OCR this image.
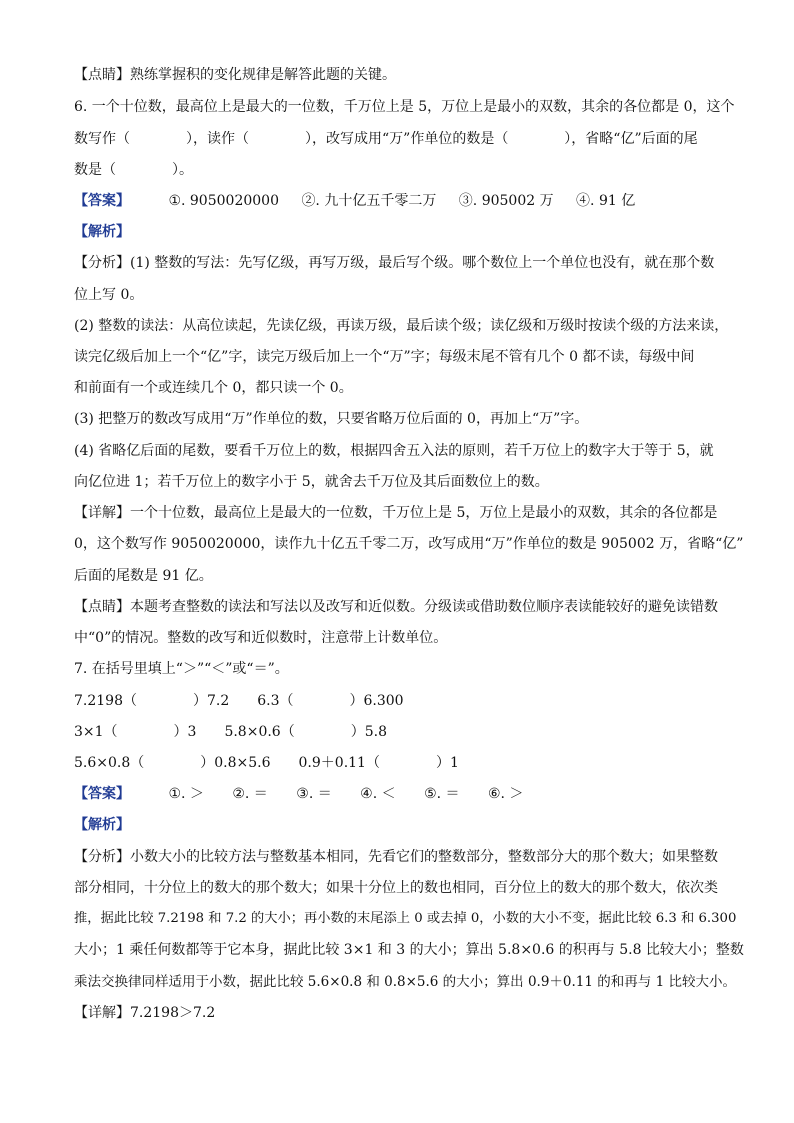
【点睛】熟练掌握积的变化规律是解答此题的关键。
6. 一个十位数，最高位上是最大的一位数，千万位上是 5，万位上是最小的双数，其余的各位都是 0，这个
数写作（　　　　），读作（　　　　），改写成用“万”作单位的数是（　　　　），省略“亿”后面的尾
数是（　　　　）。
【答案】	①. 9050020000 ②. 九十亿五千零二万 ③. 905002 万 ④. 91 亿
【解析】
【分析】(1) 整数的写法：先写亿级，再写万级，最后写个级。哪个数位上一个单位也没有，就在那个数
位上写 0。
(2) 整数的读法：从高位读起，先读亿级，再读万级，最后读个级；读亿级和万级时按读个级的方法来读，
读完亿级后加上一个“亿”字，读完万级后加上一个“万”字；每级末尾不管有几个 0 都不读，每级中间
和前面有一个或连续几个 0，都只读一个 0。
(3) 把整万的数改写成用“万”作单位的数，只要省略万位后面的 0，再加上“万”字。
(4) 省略亿后面的尾数，要看千万位上的数，根据四舍五入法的原则，若千万位上的数字大于等于 5，就
向亿位进 1；若千万位上的数字小于 5，就舍去千万位及其后面数位上的数。
【详解】一个十位数，最高位上是最大的一位数，千万位上是 5，万位上是最小的双数，其余的各位都是
0，这个数写作 9050020000，读作九十亿五千零二万，改写成用“万”作单位的数是 905002 万，省略“亿”
后面的尾数是 91 亿。
【点睛】本题考查整数的读法和写法以及改写和近似数。分级读或借助数位顺序表读能较好的避免读错数
中“0”的情况。整数的改写和近似数时，注意带上计数单位。
7. 在括号里填上“＞”“＜”或“＝”。
7.2198（　　　　）7.2　　6.3（　　　　）6.300
3×1（　　　　）3　　5.8×0.6（　　　　）5.8
5.6×0.8（　　　　）0.8×5.6　　0.9＋0.11（　　　　）1
【答案】	①. ＞ ②. ＝ ③. ＝ ④. ＜ ⑤. ＝ ⑥. ＞
【解析】
【分析】小数大小的比较方法与整数基本相同，先看它们的整数部分，整数部分大的那个数大；如果整数
部分相同，十分位上的数大的那个数大；如果十分位上的数也相同，百分位上的数大的那个数大，依次类
推，据此比较 7.2198 和 7.2 的大小；再小数的末尾添上 0 或去掉 0，小数的大小不变，据此比较 6.3 和 6.300
大小；1 乘任何数都等于它本身，据此比较 3×1 和 3 的大小；算出 5.8×0.6 的积再与 5.8 比较大小；整数
乘法交换律同样适用于小数，据此比较 5.6×0.8 和 0.8×5.6 的大小；算出 0.9＋0.11 的和再与 1 比较大小。
【详解】7.2198＞7.2
